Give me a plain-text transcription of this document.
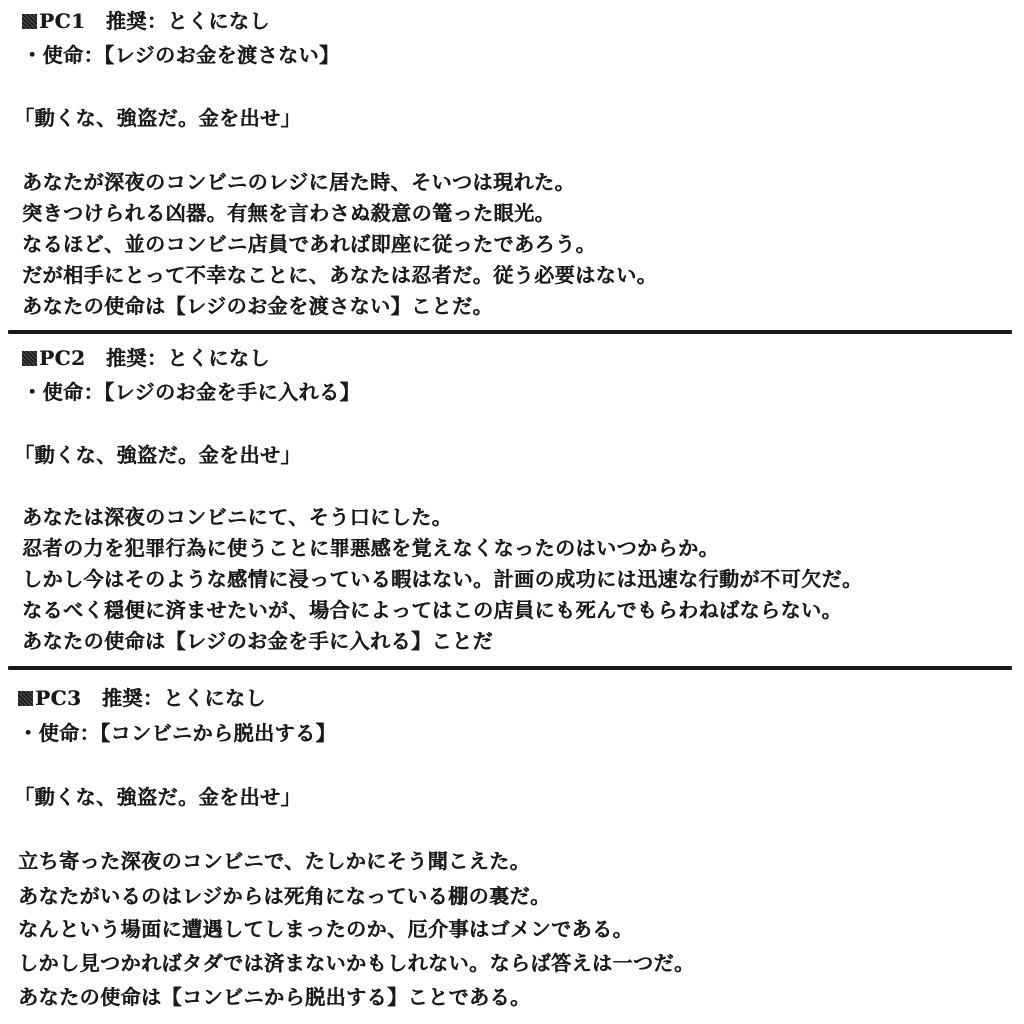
PC1　推奨：とくになし
・使命：【レジのお金を渡さない】
「動くな、強盗だ。金を出せ」
あなたが深夜のコンビニのレジに居た時、そいつは現れた。
突きつけられる凶器。有無を言わさぬ殺意の篭った眼光。
なるほど、並のコンビニ店員であれば即座に従ったであろう。
だが相手にとって不幸なことに、あなたは忍者だ。従う必要はない。
あなたの使命は【レジのお金を渡さない】ことだ。
PC2　推奨：とくになし
・使命：【レジのお金を手に入れる】
「動くな、強盗だ。金を出せ」
あなたは深夜のコンビニにて、そう口にした。
忍者の力を犯罪行為に使うことに罪悪感を覚えなくなったのはいつからか。
しかし今はそのような感情に浸っている暇はない。計画の成功には迅速な行動が不可欠だ。
なるべく穏便に済ませたいが、場合によってはこの店員にも死んでもらわねばならない。
あなたの使命は【レジのお金を手に入れる】ことだ
PC3　推奨：とくになし
・使命：【コンビニから脱出する】
「動くな、強盗だ。金を出せ」
立ち寄った深夜のコンビニで、たしかにそう聞こえた。
あなたがいるのはレジからは死角になっている棚の裏だ。
なんという場面に遭遇してしまったのか、厄介事はゴメンである。
しかし見つかればタダでは済まないかもしれない。ならば答えは一つだ。
あなたの使命は【コンビニから脱出する】ことである。
